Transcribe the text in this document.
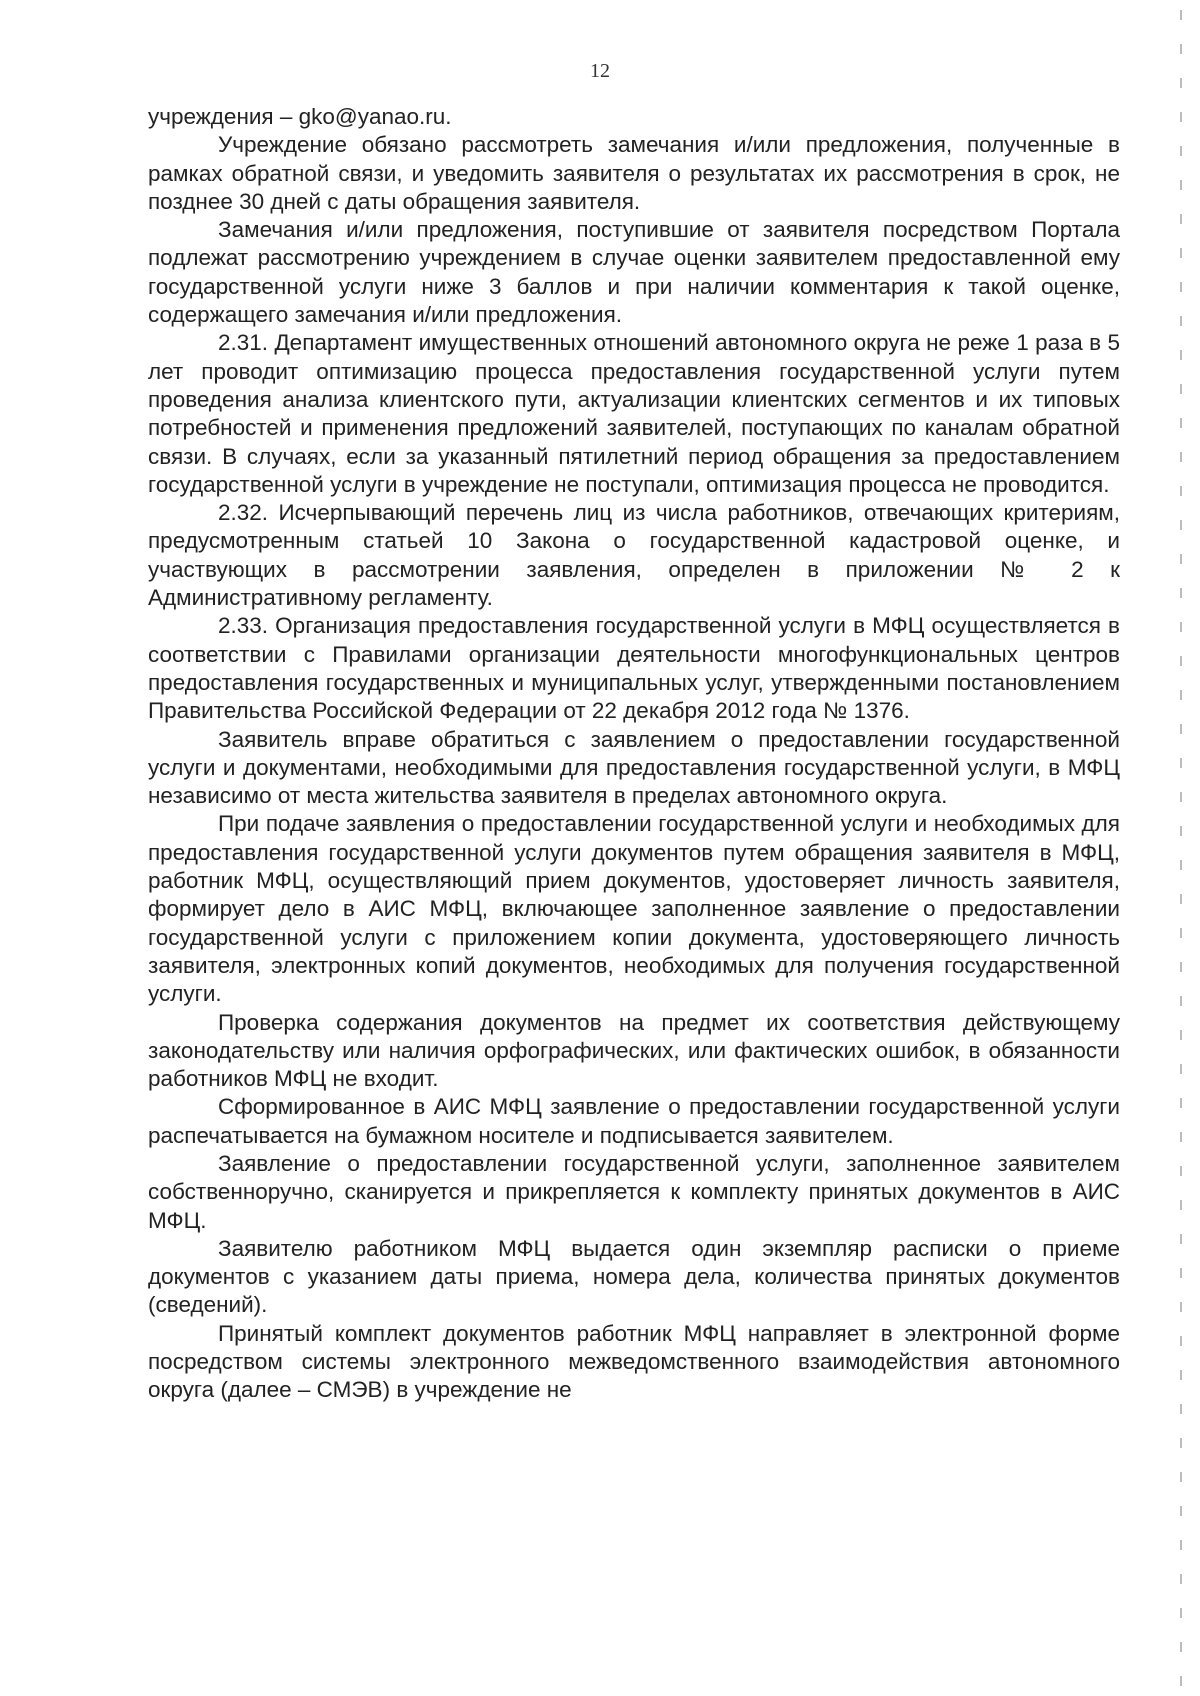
12

учреждения – gko@yanao.ru.

Учреждение обязано рассмотреть замечания и/или предложения, полученные в рамках обратной связи, и уведомить заявителя о результатах их рассмотрения в срок, не позднее 30 дней с даты обращения заявителя.

Замечания и/или предложения, поступившие от заявителя посредством Портала подлежат рассмотрению учреждением в случае оценки заявителем предоставленной ему государственной услуги ниже 3 баллов и при наличии комментария к такой оценке, содержащего замечания и/или предложения.

2.31. Департамент имущественных отношений автономного округа не реже 1 раза в 5 лет проводит оптимизацию процесса предоставления государственной услуги путем проведения анализа клиентского пути, актуализации клиентских сегментов и их типовых потребностей и применения предложений заявителей, поступающих по каналам обратной связи. В случаях, если за указанный пятилетний период обращения за предоставлением государственной услуги в учреждение не поступали, оптимизация процесса не проводится.

2.32. Исчерпывающий перечень лиц из числа работников, отвечающих критериям, предусмотренным статьей 10 Закона о государственной кадастровой оценке, и участвующих в рассмотрении заявления, определен в приложении № 2 к Административному регламенту.

2.33. Организация предоставления государственной услуги в МФЦ осуществляется в соответствии с Правилами организации деятельности многофункциональных центров предоставления государственных и муниципальных услуг, утвержденными постановлением Правительства Российской Федерации от 22 декабря 2012 года № 1376.

Заявитель вправе обратиться с заявлением о предоставлении государственной услуги и документами, необходимыми для предоставления государственной услуги, в МФЦ независимо от места жительства заявителя в пределах автономного округа.

При подаче заявления о предоставлении государственной услуги и необходимых для предоставления государственной услуги документов путем обращения заявителя в МФЦ, работник МФЦ, осуществляющий прием документов, удостоверяет личность заявителя, формирует дело в АИС МФЦ, включающее заполненное заявление о предоставлении государственной услуги с приложением копии документа, удостоверяющего личность заявителя, электронных копий документов, необходимых для получения государственной услуги.

Проверка содержания документов на предмет их соответствия действующему законодательству или наличия орфографических, или фактических ошибок, в обязанности работников МФЦ не входит.

Сформированное в АИС МФЦ заявление о предоставлении государственной услуги распечатывается на бумажном носителе и подписывается заявителем.

Заявление о предоставлении государственной услуги, заполненное заявителем собственноручно, сканируется и прикрепляется к комплекту принятых документов в АИС МФЦ.

Заявителю работником МФЦ выдается один экземпляр расписки о приеме документов с указанием даты приема, номера дела, количества принятых документов (сведений).

Принятый комплект документов работник МФЦ направляет в электронной форме посредством системы электронного межведомственного взаимодействия автономного округа (далее – СМЭВ) в учреждение не
